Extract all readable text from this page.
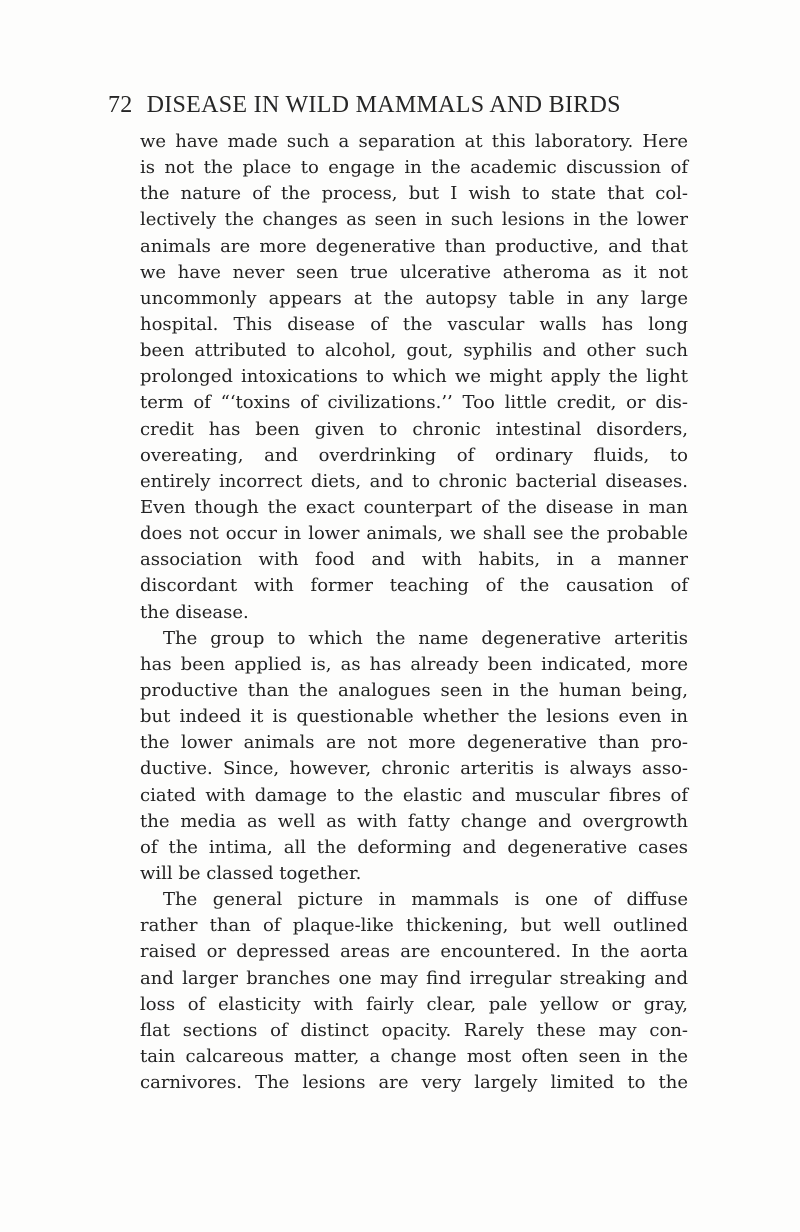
72 DISEASE IN WILD MAMMALS AND BIRDS
we have made such a separation at this laboratory. Here
is not the place to engage in the academic discussion of
the nature of the process, but I wish to state that col-
lectively the changes as seen in such lesions in the lower
animals are more degenerative than productive, and that
we have never seen true ulcerative atheroma as it not
uncommonly appears at the autopsy table in any large
hospital. This disease of the vascular walls has long
been attributed to alcohol, gout, syphilis and other such
prolonged intoxications to which we might apply the light
term of “‘toxins of civilizations.’’ Too little credit, or dis-
credit has been given to chronic intestinal disorders,
overeating, and overdrinking of ordinary fluids, to
entirely incorrect diets, and to chronic bacterial diseases.
Even though the exact counterpart of the disease in man
does not occur in lower animals, we shall see the probable
association with food and with habits, in a manner
discordant with former teaching of the causation of
the disease.
The group to which the name degenerative arteritis
has been applied is, as has already been indicated, more
productive than the analogues seen in the human being,
but indeed it is questionable whether the lesions even in
the lower animals are not more degenerative than pro-
ductive. Since, however, chronic arteritis is always asso-
ciated with damage to the elastic and muscular fibres of
the media as well as with fatty change and overgrowth
of the intima, all the deforming and degenerative cases
will be classed together.
The general picture in mammals is one of diffuse
rather than of plaque-like thickening, but well outlined
raised or depressed areas are encountered. In the aorta
and larger branches one may find irregular streaking and
loss of elasticity with fairly clear, pale yellow or gray,
flat sections of distinct opacity. Rarely these may con-
tain calcareous matter, a change most often seen in the
carnivores. The lesions are very largely limited to the
